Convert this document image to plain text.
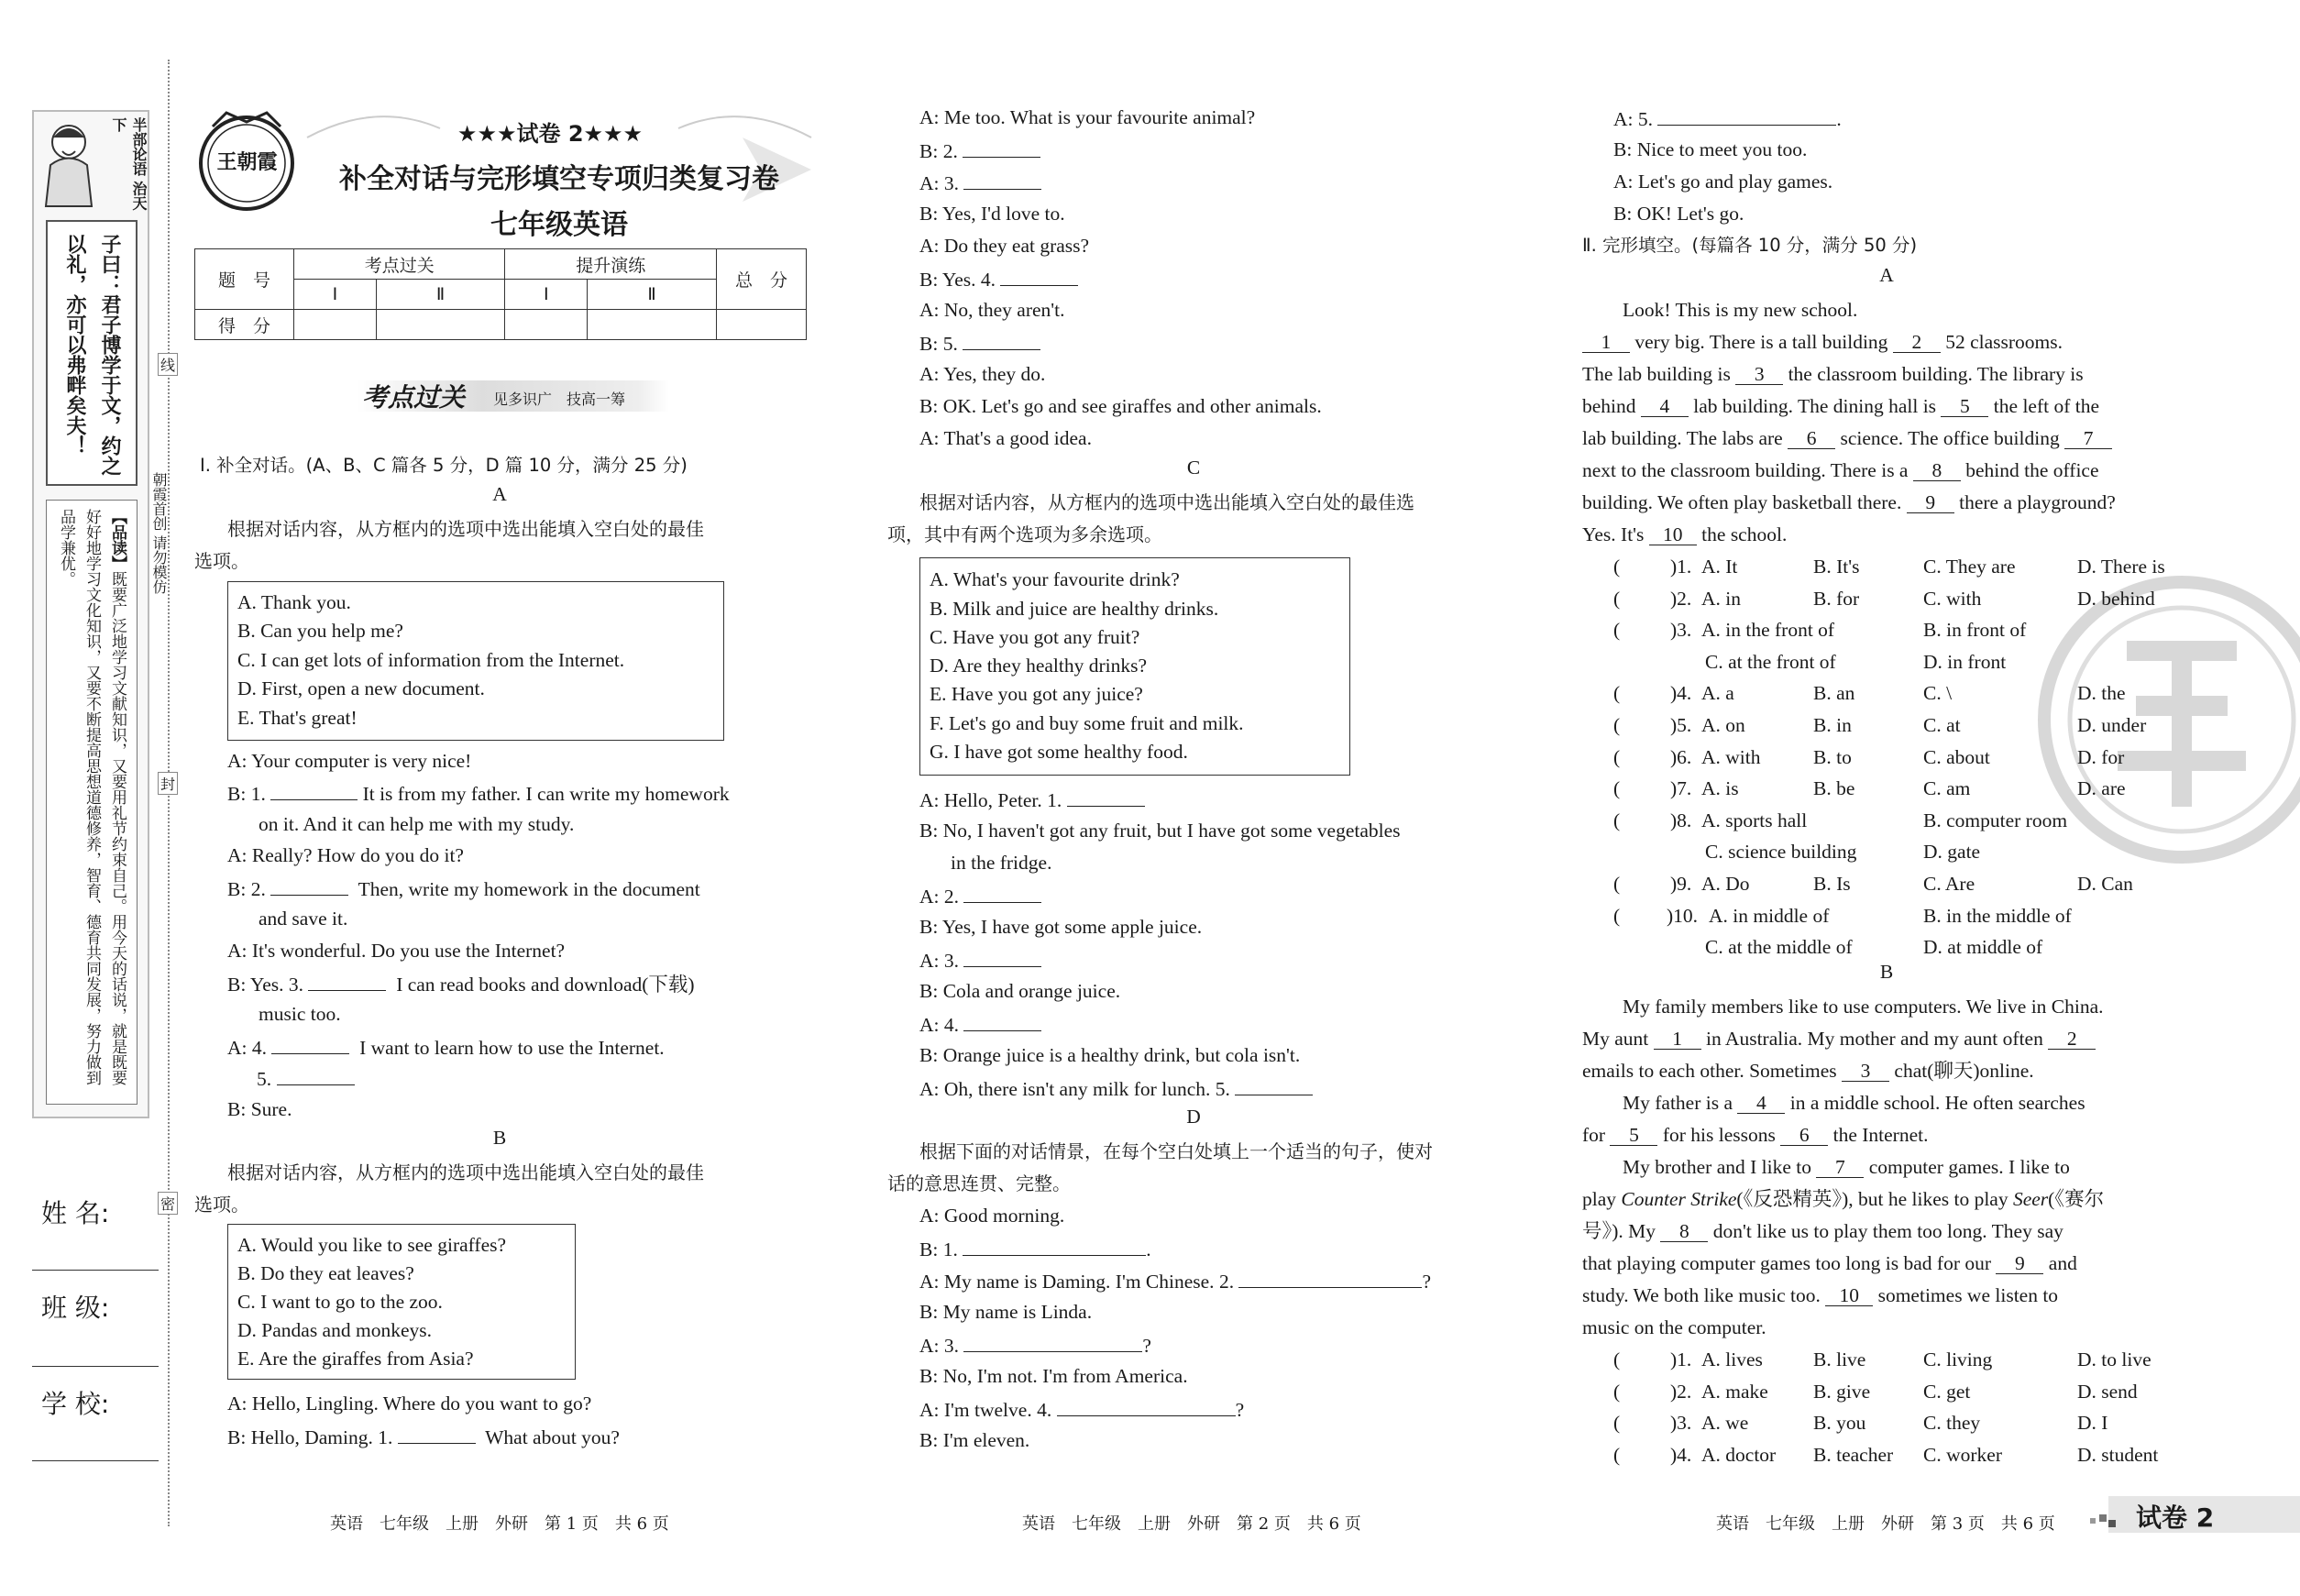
半部论语 治天下
子曰：君子博学于文，约之以礼，亦可以弗畔矣夫！
【品读】既要广泛地学习文献知识，又要用礼节约束自己。用今天的话说，就是既要好好地学习文化知识，又要不断提高思想道德修养，智育、德育共同发展，努力做到品学兼优。
线
封
密
朝霞首创 请勿模仿
姓 名:
班 级:
学 校:
王朝霞
★★★试卷 2★★★
补全对话与完形填空专项归类复习卷
七年级英语
题　号	考点过关		提升演练		总　分
	Ⅰ	Ⅱ	Ⅰ	Ⅱ	
得　分					
考点过关 见多识广　技高一筹
Ⅰ. 补全对话。(A、B、C 篇各 5 分，D 篇 10 分，满分 25 分)
A
根据对话内容，从方框内的选项中选出能填入空白处的最佳
选项。
A. Thank you.
B. Can you help me?
C. I can get lots of information from the Internet.
D. First, open a new document.
E. That's great!
A: Your computer is very nice!
B: 1.	It is from my father. I can write my homework
on it. And it can help me with my study.
A: Really? How do you do it?
B: 2.	Then, write my homework in the document
and save it.
A: It's wonderful. Do you use the Internet?
B: Yes. 3.	I can read books and download(下载)
music too.
A: 4.	I want to learn how to use the Internet.
5.
B: Sure.
B
根据对话内容，从方框内的选项中选出能填入空白处的最佳
选项。
A. Would you like to see giraffes?
B. Do they eat leaves?
C. I want to go to the zoo.
D. Pandas and monkeys.
E. Are the giraffes from Asia?
A: Hello, Lingling. Where do you want to go?
B: Hello, Daming. 1.	What about you?
英语　七年级　上册　外研　第 1 页　共 6 页
A: Me too. What is your favourite animal?
B: 2.
A: 3.
B: Yes, I'd love to.
A: Do they eat grass?
B: Yes. 4.
A: No, they aren't.
B: 5.
A: Yes, they do.
B: OK. Let's go and see giraffes and other animals.
A: That's a good idea.
C
根据对话内容，从方框内的选项中选出能填入空白处的最佳选
项，其中有两个选项为多余选项。
A. What's your favourite drink?
B. Milk and juice are healthy drinks.
C. Have you got any fruit?
D. Are they healthy drinks?
E. Have you got any juice?
F. Let's go and buy some fruit and milk.
G. I have got some healthy food.
A: Hello, Peter. 1.
B: No, I haven't got any fruit, but I have got some vegetables
in the fridge.
A: 2.
B: Yes, I have got some apple juice.
A: 3.
B: Cola and orange juice.
A: 4.
B: Orange juice is a healthy drink, but cola isn't.
A: Oh, there isn't any milk for lunch. 5.
D
根据下面的对话情景，在每个空白处填上一个适当的句子，使对
话的意思连贯、完整。
A: Good morning.
B: 1.	.
A: My name is Daming. I'm Chinese. 2.	?
B: My name is Linda.
A: 3.	?
B: No, I'm not. I'm from America.
A: I'm twelve. 4.	?
B: I'm eleven.
英语　七年级　上册　外研　第 2 页　共 6 页
A: 5.	.
B: Nice to meet you too.
A: Let's go and play games.
B: OK! Let's go.
Ⅱ. 完形填空。(每篇各 10 分，满分 50 分)
A
Look! This is my new school.
1 very big. There is a tall building 2 52 classrooms.
The lab building is 3 the classroom building. The library is
behind 4 lab building. The dining hall is 5 the left of the
lab building. The labs are 6 science. The office building 7
next to the classroom building. There is a 8 behind the office
building. We often play basketball there. 9 there a playground?
Yes. It's 10 the school.
(	)1. A. It	B. It's	C. They are	D. There is
(	)2. A. in	B. for	C. with	D. behind
(	)3. A. in the front of	B. in front of
C. at the front of	D. in front
(	)4. A. a	B. an	C. \	D. the
(	)5. A. on	B. in	C. at	D. under
(	)6. A. with	B. to	C. about	D. for
(	)7. A. is	B. be	C. am	D. are
(	)8. A. sports hall	B. computer room
C. science building	D. gate
(	)9. A. Do	B. Is	C. Are	D. Can
( )10. A. in middle of	B. in the middle of
C. at the middle of	D. at middle of
B
My family members like to use computers. We live in China.
My aunt 1 in Australia. My mother and my aunt often 2
emails to each other. Sometimes 3 chat(聊天)online.
My father is a 4 in a middle school. He often searches
for 5 for his lessons 6 the Internet.
My brother and I like to 7 computer games. I like to
play Counter Strike(《反恐精英》), but he likes to play Seer(《赛尔
号》). My 8 don't like us to play them too long. They say
that playing computer games too long is bad for our 9 and
study. We both like music too. 10 sometimes we listen to
music on the computer.
(	)1. A. lives	B. live	C. living	D. to live
(	)2. A. make B. give	C. get	D. send
(	)3. A. we	B. you	C. they	D. I
(	)4. A. doctor B. teacher C. worker	D. student
英语　七年级　上册　外研　第 3 页　共 6 页	试卷 2
